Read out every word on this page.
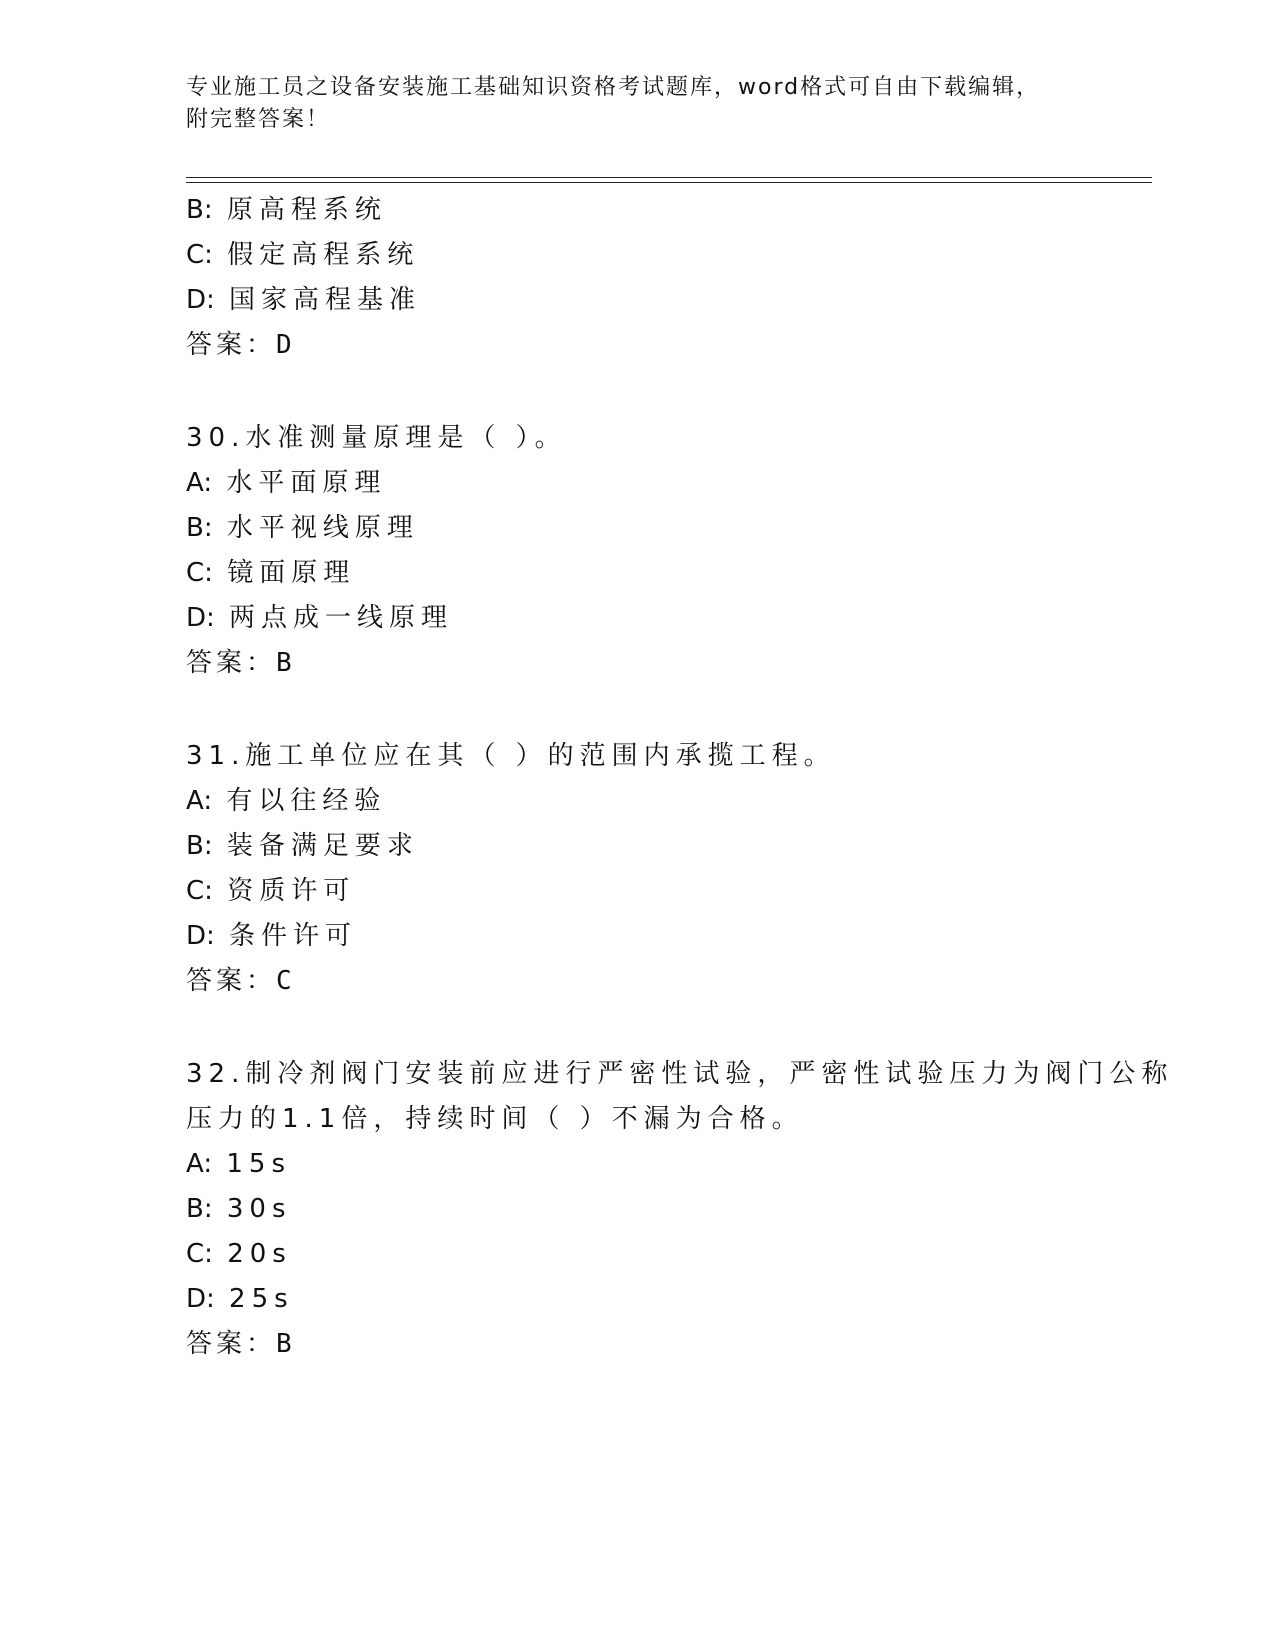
专业施工员之设备安装施工基础知识资格考试题库，word格式可自由下载编辑，
附完整答案！
B: 原高程系统
C: 假定高程系统
D: 国家高程基准
答案：D
30.水准测量原理是（ ）。
A: 水平面原理
B: 水平视线原理
C: 镜面原理
D: 两点成一线原理
答案：B
31.施工单位应在其（ ）的范围内承揽工程。
A: 有以往经验
B: 装备满足要求
C: 资质许可
D: 条件许可
答案：C
32.制冷剂阀门安装前应进行严密性试验，严密性试验压力为阀门公称
压力的1.1倍，持续时间（ ）不漏为合格。
A: 15s
B: 30s
C: 20s
D: 25s
答案：B
